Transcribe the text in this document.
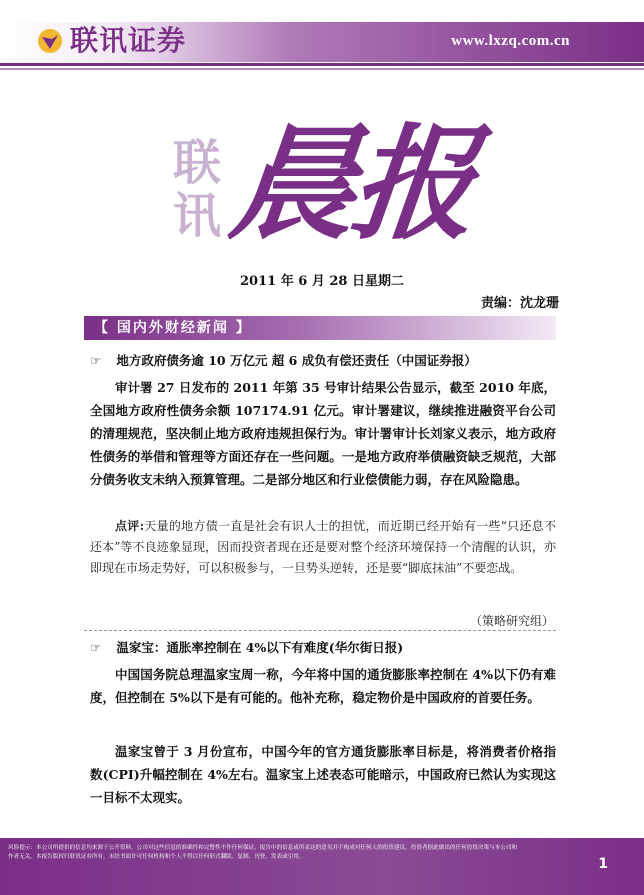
联讯证券	www.lxzq.com.cn
联
讯 晨报
2011 年 6 月 28 日星期二
责编：沈龙珊
【 国内外财经新闻 】
☞ 地方政府债务逾 10 万亿元 超 6 成负有偿还责任（中国证券报）
审计署 27 日发布的 2011 年第 35 号审计结果公告显示，截至 2010 年底，全国地方政府性债务余额 107174.91 亿元。审计署建议，继续推进融资平台公司的清理规范，坚决制止地方政府违规担保行为。审计署审计长刘家义表示，地方政府性债务的举借和管理等方面还存在一些问题。一是地方政府举债融资缺乏规范，大部分债务收支未纳入预算管理。二是部分地区和行业偿债能力弱，存在风险隐患。
点评:天量的地方债一直是社会有识人士的担忧，而近期已经开始有一些“只还息不还本”等不良迹象显现，因而投资者现在还是要对整个经济环境保持一个清醒的认识，亦即现在市场走势好，可以积极参与，一旦势头逆转，还是要“脚底抹油”不要恋战。
（策略研究组）
☞ 温家宝：通胀率控制在 4%以下有难度(华尔街日报)
中国国务院总理温家宝周一称，今年将中国的通货膨胀率控制在 4%以下仍有难度，但控制在 5%以下是有可能的。他补充称，稳定物价是中国政府的首要任务。
温家宝曾于 3 月份宣布，中国今年的官方通货膨胀率目标是，将消费者价格指数(CPI)升幅控制在 4%左右。温家宝上述表态可能暗示，中国政府已然认为实现这一目标不太现实。
风险提示：本公司所提供的信息均来源于公开资料，公司对这些信息的准确性和完整性不作任何保证。报告中的信息或所表达的意见并不构成对任何人的投资建议，投资者据此做出的任何投资决策与本公司和作者无关。本报告版权归联讯证券所有，未经书面许可任何机构和个人不得以任何形式翻版、复制、刊登、发表或引用。	1
